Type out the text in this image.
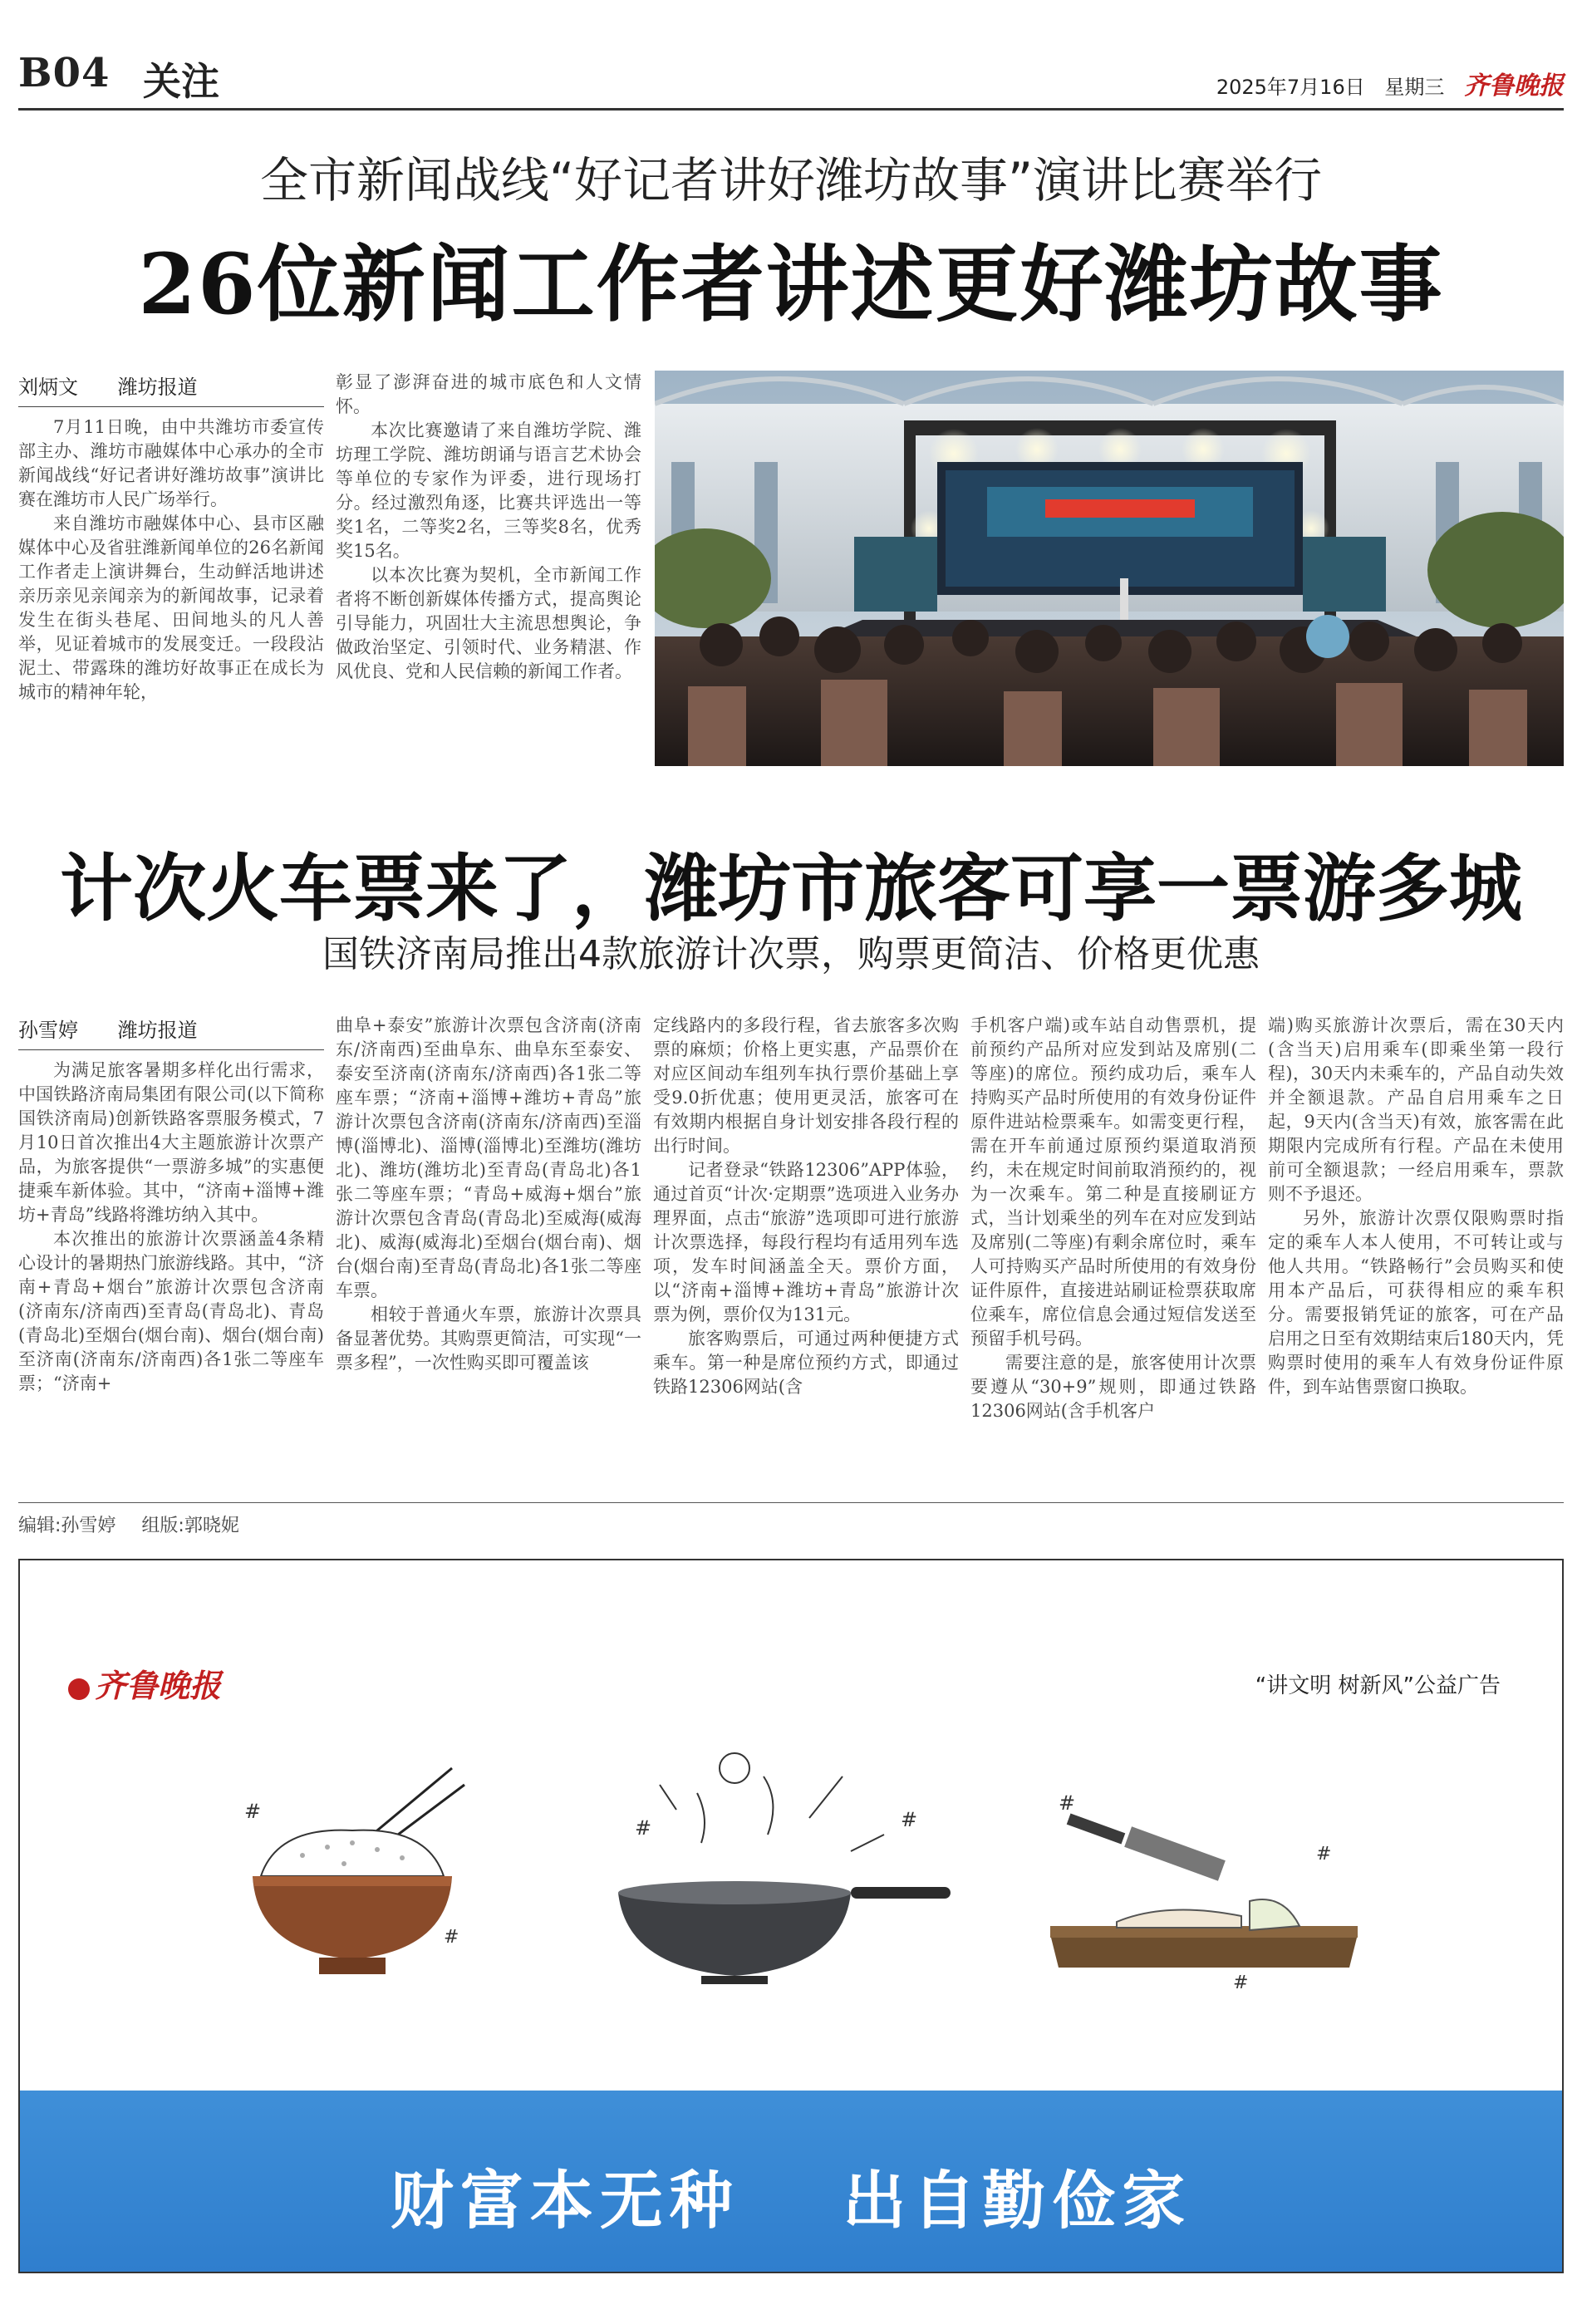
B04 关注	2025年7月16日 星期三 齐鲁晚报
全市新闻战线“好记者讲好潍坊故事”演讲比赛举行
26位新闻工作者讲述更好潍坊故事
刘炳文 潍坊报道

7月11日晚，由中共潍坊市委宣传部主办、潍坊市融媒体中心承办的全市新闻战线“好记者讲好潍坊故事”演讲比赛在潍坊市人民广场举行。

来自潍坊市融媒体中心、县市区融媒体中心及省驻潍新闻单位的26名新闻工作者走上演讲舞台，生动鲜活地讲述亲历亲见亲闻亲为的新闻故事，记录着发生在街头巷尾、田间地头的凡人善举，见证着城市的发展变迁。一段段沾泥土、带露珠的潍坊好故事正在成长为城市的精神年轮，

彰显了澎湃奋进的城市底色和人文情怀。

本次比赛邀请了来自潍坊学院、潍坊理工学院、潍坊朗诵与语言艺术协会等单位的专家作为评委，进行现场打分。经过激烈角逐，比赛共评选出一等奖1名，二等奖2名，三等奖8名，优秀奖15名。

以本次比赛为契机，全市新闻工作者将不断创新媒体传播方式，提高舆论引导能力，巩固壮大主流思想舆论，争做政治坚定、引领时代、业务精湛、作风优良、党和人民信赖的新闻工作者。

计次火车票来了，潍坊市旅客可享一票游多城
国铁济南局推出4款旅游计次票，购票更简洁、价格更优惠
孙雪婷 潍坊报道

为满足旅客暑期多样化出行需求，中国铁路济南局集团有限公司(以下简称国铁济南局)创新铁路客票服务模式，7月10日首次推出4大主题旅游计次票产品，为旅客提供“一票游多城”的实惠便捷乘车新体验。其中，“济南+淄博+潍坊+青岛”线路将潍坊纳入其中。

本次推出的旅游计次票涵盖4条精心设计的暑期热门旅游线路。其中，“济南+青岛+烟台”旅游计次票包含济南(济南东/济南西)至青岛(青岛北)、青岛(青岛北)至烟台(烟台南)、烟台(烟台南)至济南(济南东/济南西)各1张二等座车票；“济南+

曲阜+泰安”旅游计次票包含济南(济南东/济南西)至曲阜东、曲阜东至泰安、泰安至济南(济南东/济南西)各1张二等座车票；“济南+淄博+潍坊+青岛”旅游计次票包含济南(济南东/济南西)至淄博(淄博北)、淄博(淄博北)至潍坊(潍坊北)、潍坊(潍坊北)至青岛(青岛北)各1张二等座车票；“青岛+威海+烟台”旅游计次票包含青岛(青岛北)至威海(威海北)、威海(威海北)至烟台(烟台南)、烟台(烟台南)至青岛(青岛北)各1张二等座车票。

相较于普通火车票，旅游计次票具备显著优势。其购票更简洁，可实现“一票多程”，一次性购买即可覆盖该

定线路内的多段行程，省去旅客多次购票的麻烦；价格上更实惠，产品票价在对应区间动车组列车执行票价基础上享受9.0折优惠；使用更灵活，旅客可在有效期内根据自身计划安排各段行程的出行时间。

记者登录“铁路12306”APP体验，通过首页“计次·定期票”选项进入业务办理界面，点击“旅游”选项即可进行旅游计次票选择，每段行程均有适用列车选项，发车时间涵盖全天。票价方面，以“济南+淄博+潍坊+青岛”旅游计次票为例，票价仅为131元。

旅客购票后，可通过两种便捷方式乘车。第一种是席位预约方式，即通过铁路12306网站(含

手机客户端)或车站自动售票机，提前预约产品所对应发到站及席别(二等座)的席位。预约成功后，乘车人持购买产品时所使用的有效身份证件原件进站检票乘车。如需变更行程，需在开车前通过原预约渠道取消预约，未在规定时间前取消预约的，视为一次乘车。第二种是直接刷证方式，当计划乘坐的列车在对应发到站及席别(二等座)有剩余席位时，乘车人可持购买产品时所使用的有效身份证件原件，直接进站刷证检票获取席位乘车，席位信息会通过短信发送至预留手机号码。

需要注意的是，旅客使用计次票要遵从“30+9”规则，即通过铁路12306网站(含手机客户

端)购买旅游计次票后，需在30天内(含当天)启用乘车(即乘坐第一段行程)，30天内未乘车的，产品自动失效并全额退款。产品自启用乘车之日起，9天内(含当天)有效，旅客需在此期限内完成所有行程。产品在未使用前可全额退款；一经启用乘车，票款则不予退还。

另外，旅游计次票仅限购票时指定的乘车人本人使用，不可转让或与他人共用。“铁路畅行”会员购买和使用本产品后，可获得相应的乘车积分。需要报销凭证的旅客，可在产品启用之日至有效期结束后180天内，凭购票时使用的乘车人有效身份证件原件，到车站售票窗口换取。

编辑:孙雪婷 组版:郭晓妮
齐鲁晚报	“讲文明 树新风”公益广告
#
#
#	#
#
#
#
财富本无种 出自勤俭家
